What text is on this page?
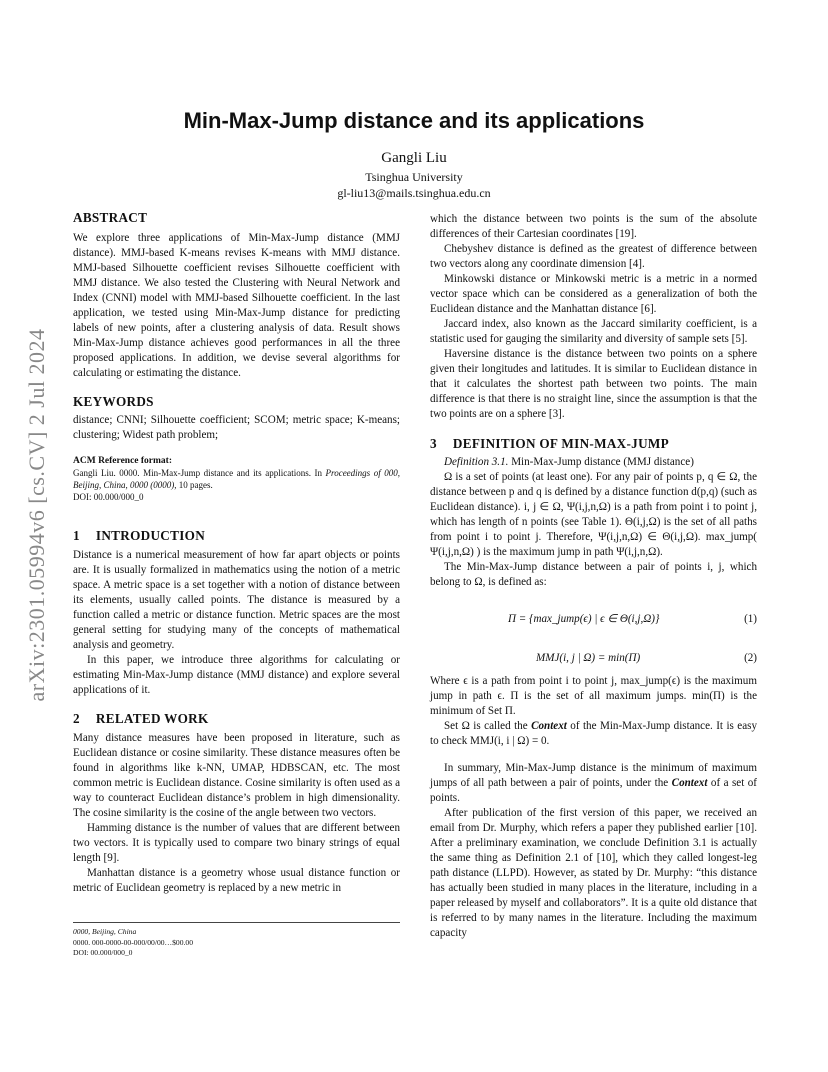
arXiv:2301.05994v6 [cs.CV] 2 Jul 2024
Min-Max-Jump distance and its applications
Gangli Liu
Tsinghua University
gl-liu13@mails.tsinghua.edu.cn
ABSTRACT

We explore three applications of Min-Max-Jump distance (MMJ distance). MMJ-based K-means revises K-means with MMJ distance. MMJ-based Silhouette coefficient revises Silhouette coefficient with MMJ distance. We also tested the Clustering with Neural Network and Index (CNNI) model with MMJ-based Silhouette coefficient. In the last application, we tested using Min-Max-Jump distance for predicting labels of new points, after a clustering analysis of data. Result shows Min-Max-Jump distance achieves good performances in all the three proposed applications. In addition, we devise several algorithms for calculating or estimating the distance.

KEYWORDS

distance; CNNI; Silhouette coefficient; SCOM; metric space; K-means; clustering; Widest path problem;

ACM Reference format:
Gangli Liu. 0000. Min-Max-Jump distance and its applications. In Proceedings of 000, Beijing, China, 0000 (0000), 10 pages.
DOI: 00.000/000_0
1 INTRODUCTION

Distance is a numerical measurement of how far apart objects or points are. It is usually formalized in mathematics using the notion of a metric space. A metric space is a set together with a notion of distance between its elements, usually called points. The distance is measured by a function called a metric or distance function. Metric spaces are the most general setting for studying many of the concepts of mathematical analysis and geometry.

In this paper, we introduce three algorithms for calculating or estimating Min-Max-Jump distance (MMJ distance) and explore several applications of it.

2 RELATED WORK

Many distance measures have been proposed in literature, such as Euclidean distance or cosine similarity. These distance measures often be found in algorithms like k-NN, UMAP, HDBSCAN, etc. The most common metric is Euclidean distance. Cosine similarity is often used as a way to counteract Euclidean distance’s problem in high dimensionality. The cosine similarity is the cosine of the angle between two vectors.

Hamming distance is the number of values that are different between two vectors. It is typically used to compare two binary strings of equal length [9].

Manhattan distance is a geometry whose usual distance function or metric of Euclidean geometry is replaced by a new metric in

0000, Beijing, China
0000. 000-0000-00-000/00/00…$00.00
DOI: 00.000/000_0

which the distance between two points is the sum of the absolute differences of their Cartesian coordinates [19].

Chebyshev distance is defined as the greatest of difference between two vectors along any coordinate dimension [4].

Minkowski distance or Minkowski metric is a metric in a normed vector space which can be considered as a generalization of both the Euclidean distance and the Manhattan distance [6].

Jaccard index, also known as the Jaccard similarity coefficient, is a statistic used for gauging the similarity and diversity of sample sets [5].

Haversine distance is the distance between two points on a sphere given their longitudes and latitudes. It is similar to Euclidean distance in that it calculates the shortest path between two points. The main difference is that there is no straight line, since the assumption is that the two points are on a sphere [3].

3 DEFINITION OF MIN-MAX-JUMP

Definition 3.1. Min-Max-Jump distance (MMJ distance)

Ω is a set of points (at least one). For any pair of points p, q ∈ Ω, the distance between p and q is defined by a distance function d(p,q) (such as Euclidean distance). i, j ∈ Ω, Ψ(i,j,n,Ω) is a path from point i to point j, which has length of n points (see Table 1). Θ(i,j,Ω) is the set of all paths from point i to point j. Therefore, Ψ(i,j,n,Ω) ∈ Θ(i,j,Ω). max_jump( Ψ(i,j,n,Ω) ) is the maximum jump in path Ψ(i,j,n,Ω).

The Min-Max-Jump distance between a pair of points i, j, which belong to Ω, is defined as:

Π = {max_jump(ϵ) | ϵ ∈ Θ(i,j,Ω)}	(1)
MMJ(i, j | Ω) = min(Π)	(2)

Where ϵ is a path from point i to point j, max_jump(ϵ) is the maximum jump in path ϵ. Π is the set of all maximum jumps. min(Π) is the minimum of Set Π.

Set Ω is called the Context of the Min-Max-Jump distance. It is easy to check MMJ(i, i | Ω) = 0.

In summary, Min-Max-Jump distance is the minimum of maximum jumps of all path between a pair of points, under the Context of a set of points.

After publication of the first version of this paper, we received an email from Dr. Murphy, which refers a paper they published earlier [10]. After a preliminary examination, we conclude Definition 3.1 is actually the same thing as Definition 2.1 of [10], which they called longest-leg path distance (LLPD). However, as stated by Dr. Murphy: “this distance has actually been studied in many places in the literature, including in a paper released by myself and collaborators”. It is a quite old distance that is referred to by many names in the literature. Including the maximum capacity
